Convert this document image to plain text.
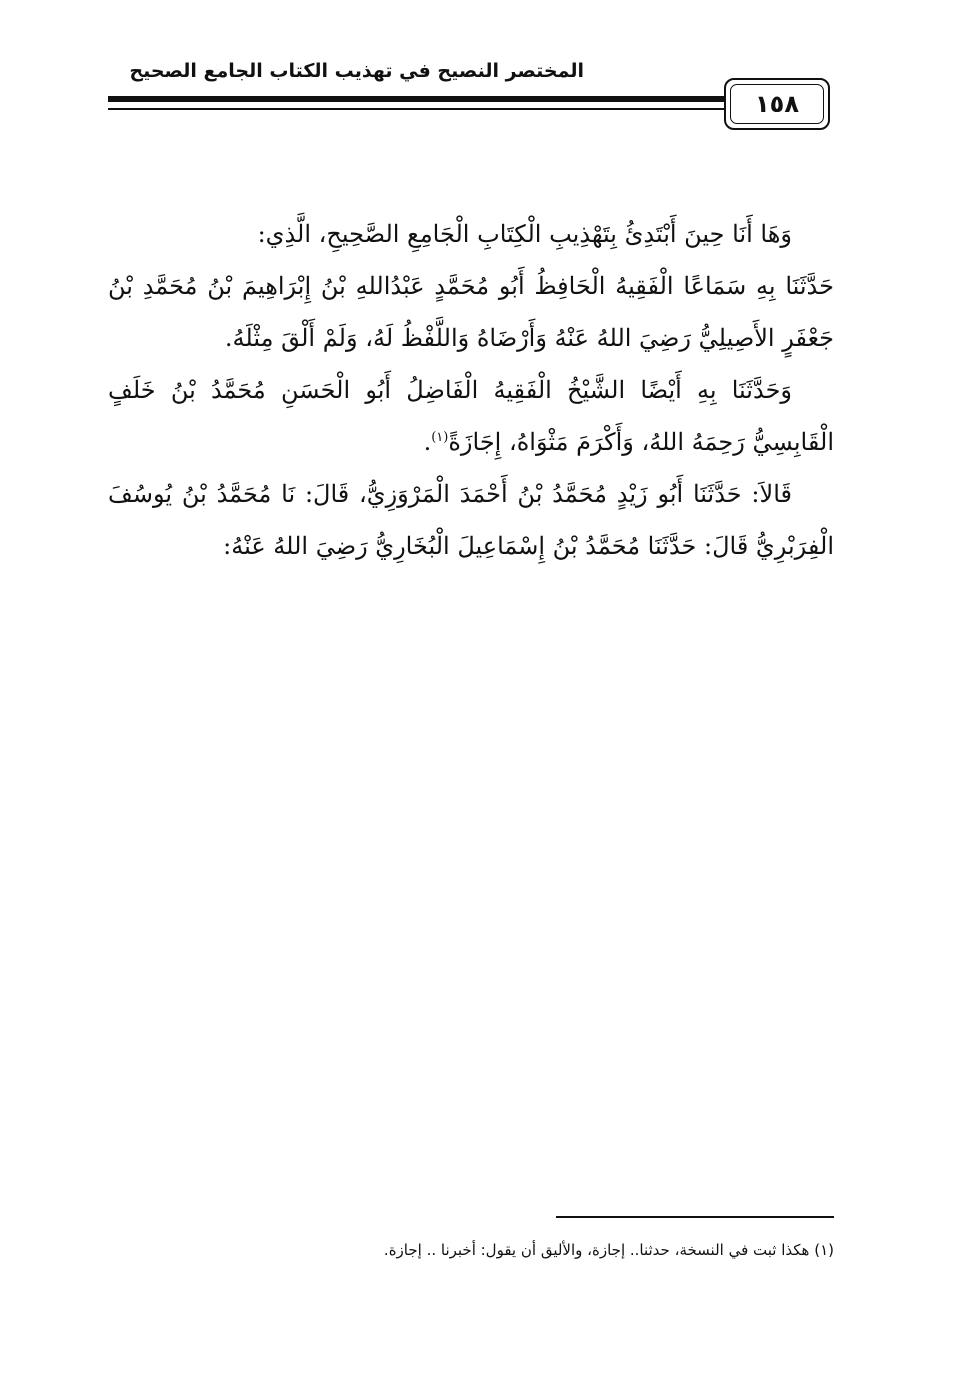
المختصر النصيح في تهذيب الكتاب الجامع الصحيح
١٥٨

وَهَا أَنَا حِينَ أَبْتَدِئُ بِتَهْذِيبِ الْكِتَابِ الْجَامِعِ الصَّحِيحِ، الَّذِي:

حَدَّثَنَا بِهِ سَمَاعًا الْفَقِيهُ الْحَافِظُ أَبُو مُحَمَّدٍ عَبْدُاللهِ بْنُ إِبْرَاهِيمَ بْنُ مُحَمَّدِ بْنُ جَعْفَرٍ الأَصِيلِيُّ رَضِيَ اللهُ عَنْهُ وَأَرْضَاهُ وَاللَّفْظُ لَهُ، وَلَمْ أَلْقَ مِثْلَهُ.

وَحَدَّثَنَا بِهِ أَيْضًا الشَّيْخُ الْفَقِيهُ الْفَاضِلُ أَبُو الْحَسَنِ مُحَمَّدُ بْنُ خَلَفٍ الْقَابِسِيُّ رَحِمَهُ اللهُ، وَأَكْرَمَ مَثْوَاهُ، إِجَازَةً$^{(١)}$.

قَالاَ: حَدَّثَنَا أَبُو زَيْدٍ مُحَمَّدُ بْنُ أَحْمَدَ الْمَرْوَزِيُّ، قَالَ: نَا مُحَمَّدُ بْنُ يُوسُفَ الْفِرَبْرِيُّ قَالَ: حَدَّثَنَا مُحَمَّدُ بْنُ إِسْمَاعِيلَ الْبُخَارِيُّ رَضِيَ اللهُ عَنْهُ:

(١) هكذا ثبت في النسخة، حدثنا.. إجازة، والأليق أن يقول: أخبرنا .. إجازة.
